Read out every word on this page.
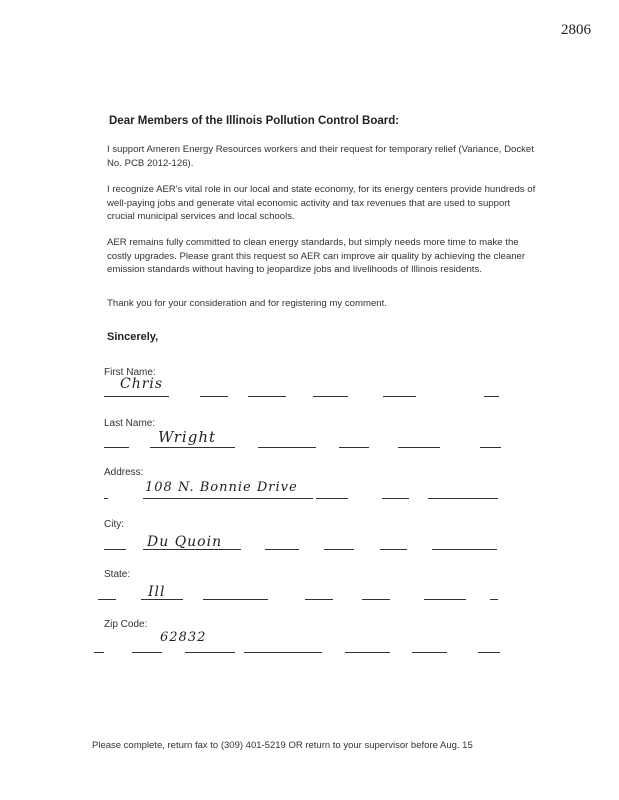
2806
Dear Members of the Illinois Pollution Control Board:

I support Ameren Energy Resources workers and their request for temporary relief (Variance, Docket No. PCB 2012-126).

I recognize AER's vital role in our local and state economy, for its energy centers provide hundreds of well-paying jobs and generate vital economic activity and tax revenues that are used to support crucial municipal services and local schools.

AER remains fully committed to clean energy standards, but simply needs more time to make the costly upgrades. Please grant this request so AER can improve air quality by achieving the cleaner emission standards without having to jeopardize jobs and livelihoods of Illinois residents.

Thank you for your consideration and for registering my comment.

Sincerely,
First Name:
Chris
Last Name:
Wright
Address:
108 N. Bonnie Drive
City:
Du Quoin
State:
Ill
Zip Code:
62832
Please complete, return fax to (309) 401-5219 OR return to your supervisor before Aug. 15
